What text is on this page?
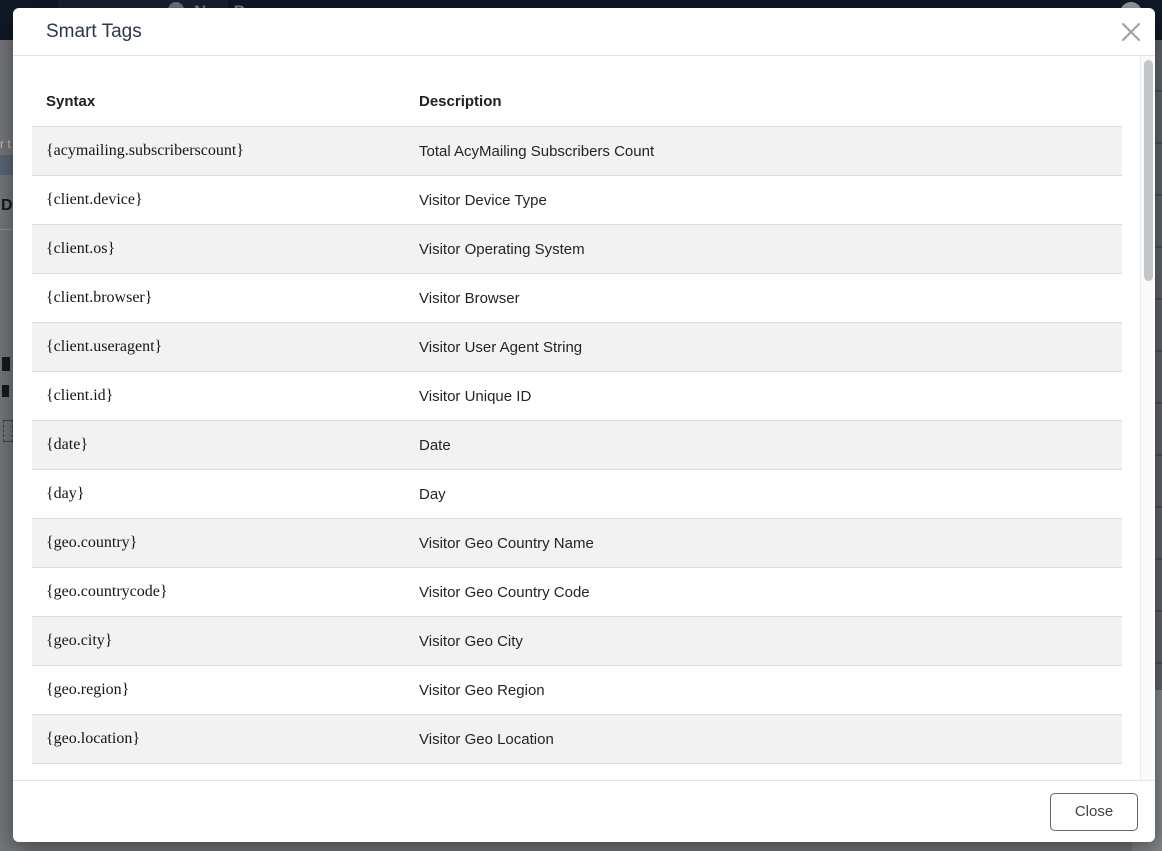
r t
D
Smart Tags
Syntax	Description
{acymailing.subscriberscount}	Total AcyMailing Subscribers Count
{client.device}	Visitor Device Type
{client.os}	Visitor Operating System
{client.browser}	Visitor Browser
{client.useragent}	Visitor User Agent String
{client.id}	Visitor Unique ID
{date}	Date
{day}	Day
{geo.country}	Visitor Geo Country Name
{geo.countrycode}	Visitor Geo Country Code
{geo.city}	Visitor Geo City
{geo.region}	Visitor Geo Region
{geo.location}	Visitor Geo Location

Close
